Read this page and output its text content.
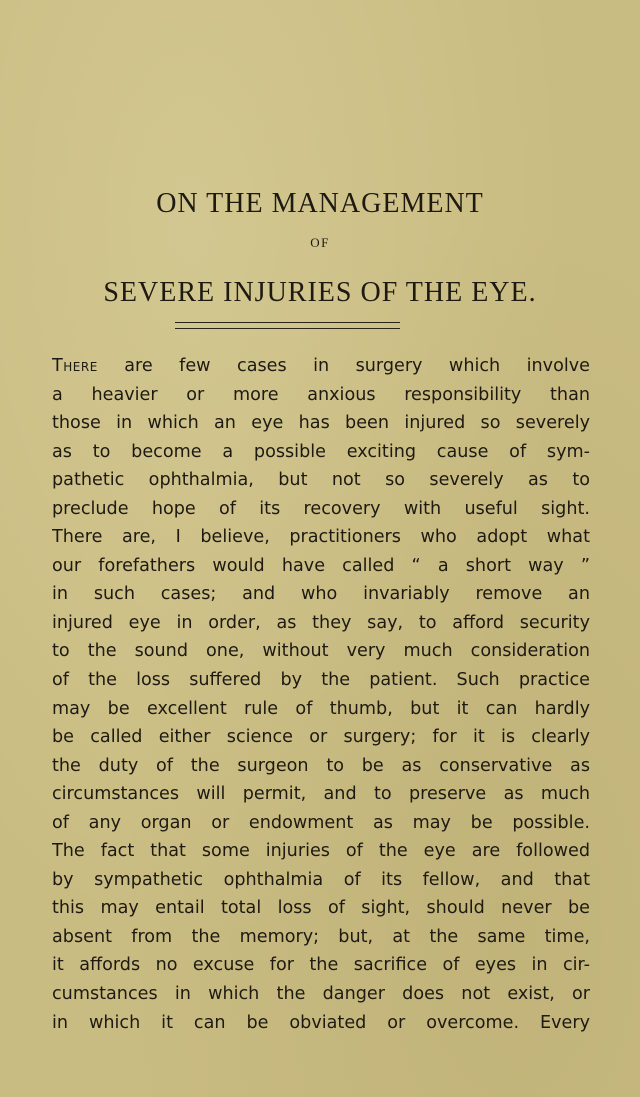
ON THE MANAGEMENT
OF
SEVERE INJURIES OF THE EYE.
There are few cases in surgery which involve
a heavier or more anxious responsibility than
those in which an eye has been injured so severely
as to become a possible exciting cause of sym-
pathetic ophthalmia, but not so severely as to
preclude hope of its recovery with useful sight.
There are, I believe, practitioners who adopt what
our forefathers would have called “ a short way ”
in such cases; and who invariably remove an
injured eye in order, as they say, to afford security
to the sound one, without very much consideration
of the loss suffered by the patient. Such practice
may be excellent rule of thumb, but it can hardly
be called either science or surgery; for it is clearly
the duty of the surgeon to be as conservative as
circumstances will permit, and to preserve as much
of any organ or endowment as may be possible.
The fact that some injuries of the eye are followed
by sympathetic ophthalmia of its fellow, and that
this may entail total loss of sight, should never be
absent from the memory; but, at the same time,
it affords no excuse for the sacrifice of eyes in cir-
cumstances in which the danger does not exist, or
in which it can be obviated or overcome. Every
